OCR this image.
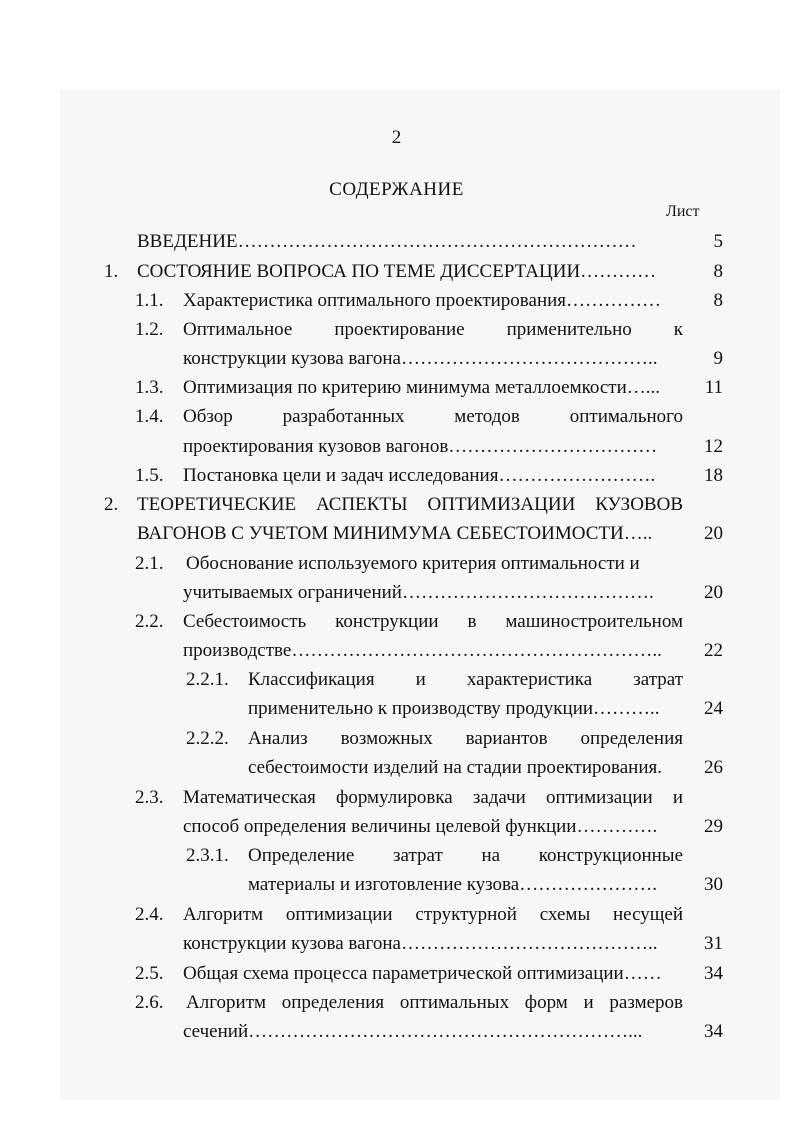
2
СОДЕРЖАНИЕ
Лист
ВВЕДЕНИЕ………………………………………………………	5
1. СОСТОЯНИЕ ВОПРОСА ПО ТЕМЕ ДИССЕРТАЦИИ…………	8
1.1. Характеристика оптимального проектирования……………	8
1.2. Оптимальное проектирование применительно к
конструкции кузова вагона…………………………………..	9
1.3. Оптимизация по критерию минимума металлоемкости…...	11
1.4. Обзор разработанных методов оптимального
проектирования кузовов вагонов……………………………	12
1.5. Постановка цели и задач исследования…………………….	18
2. ТЕОРЕТИЧЕСКИЕ АСПЕКТЫ ОПТИМИЗАЦИИ КУЗОВОВ
ВАГОНОВ С УЧЕТОМ МИНИМУМА СЕБЕСТОИМОСТИ…..	20
2.1. Обоснование используемого критерия оптимальности и
учитываемых ограничений………………………………….	20
2.2. Себестоимость конструкции в машиностроительном
производстве…………………………………………………..	22
2.2.1. Классификация и характеристика затрат
применительно к производству продукции………..	24
2.2.2. Анализ возможных вариантов определения
себестоимости изделий на стадии проектирования.	26
2.3. Математическая формулировка задачи оптимизации и
способ определения величины целевой функции………….	29
2.3.1. Определение затрат на конструкционные
материалы и изготовление кузова………………….	30
2.4. Алгоритм оптимизации структурной схемы несущей
конструкции кузова вагона…………………………………..	31
2.5. Общая схема процесса параметрической оптимизации……	34
2.6. Алгоритм определения оптимальных форм и размеров
сечений……………………………………………………...	34
